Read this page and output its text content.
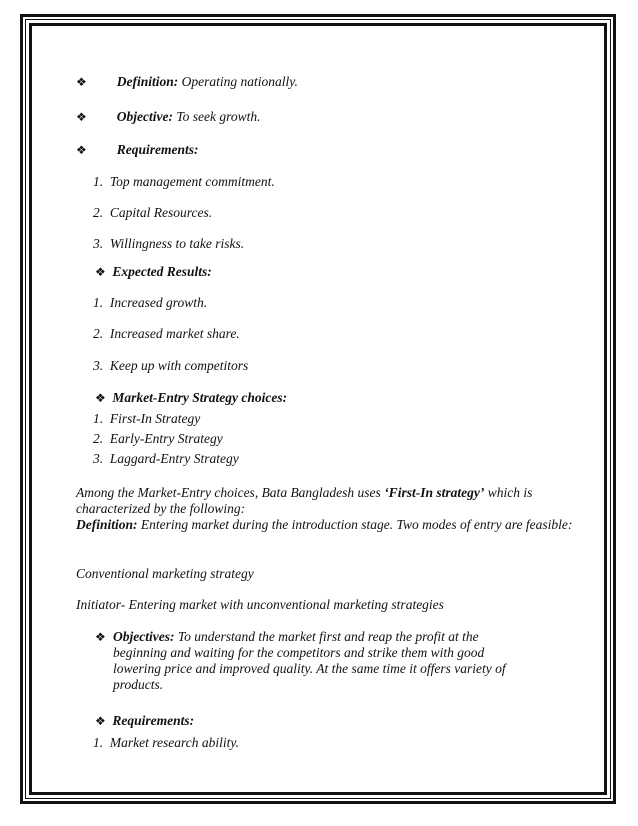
❖ Definition: Operating nationally.
❖ Objective: To seek growth.
❖ Requirements:
1. Top management commitment.
2. Capital Resources.
3. Willingness to take risks.
❖ Expected Results:
1. Increased growth.
2. Increased market share.
3. Keep up with competitors
❖ Market-Entry Strategy choices:
1. First-In Strategy
2. Early-Entry Strategy
3. Laggard-Entry Strategy
Among the Market-Entry choices, Bata Bangladesh uses ‘First-In strategy’ which is characterized by the following:
Definition: Entering market during the introduction stage. Two modes of entry are feasible:
Conventional marketing strategy
Initiator- Entering market with unconventional marketing strategies
❖ Objectives: To understand the market first and reap the profit at the beginning and waiting for the competitors and strike them with good lowering price and improved quality. At the same time it offers variety of products.
❖ Requirements:
1. Market research ability.
